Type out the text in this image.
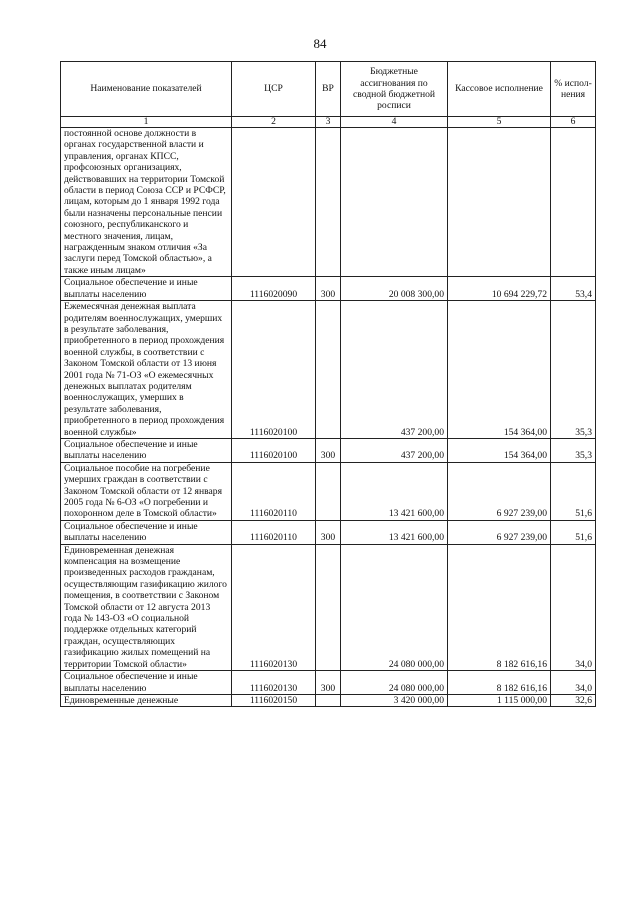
84
Наименование показателей	ЦСР	ВР	Бюджетные ассигнования по сводной бюджетной росписи	Кассовое исполнение	% испол-нения
1	2	3	4	5	6
постоянной основе должности в органах государственной власти и управления, органах КПСС, профсоюзных организациях, действовавших на территории Томской области в период Союза ССР и РСФСР, лицам, которым до 1 января 1992 года были назначены персональные пенсии союзного, республиканского и местного значения, лицам, награжденным знаком отличия «За заслуги перед Томской областью», а также иным лицам»					
Социальное обеспечение и иные выплаты населению	1116020090	300	20 008 300,00	10 694 229,72	53,4
Ежемесячная денежная выплата родителям военнослужащих, умерших в результате заболевания, приобретенного в период прохождения военной службы, в соответствии с Законом Томской области от 13 июня 2001 года № 71-ОЗ «О ежемесячных денежных выплатах родителям военнослужащих, умерших в результате заболевания, приобретенного в период прохождения военной службы»	1116020100		437 200,00	154 364,00	35,3
Социальное обеспечение и иные выплаты населению	1116020100	300	437 200,00	154 364,00	35,3
Социальное пособие на погребение умерших граждан в соответствии с Законом Томской области от 12 января 2005 года № 6-ОЗ «О погребении и похоронном деле в Томской области»	1116020110		13 421 600,00	6 927 239,00	51,6
Социальное обеспечение и иные выплаты населению	1116020110	300	13 421 600,00	6 927 239,00	51,6
Единовременная денежная компенсация на возмещение произведенных расходов гражданам, осуществляющим газификацию жилого помещения, в соответствии с Законом Томской области от 12 августа 2013 года № 143-ОЗ «О социальной поддержке отдельных категорий граждан, осуществляющих газификацию жилых помещений на территории Томской области»	1116020130		24 080 000,00	8 182 616,16	34,0
Социальное обеспечение и иные выплаты населению	1116020130	300	24 080 000,00	8 182 616,16	34,0
Единовременные денежные	1116020150		3 420 000,00	1 115 000,00	32,6
